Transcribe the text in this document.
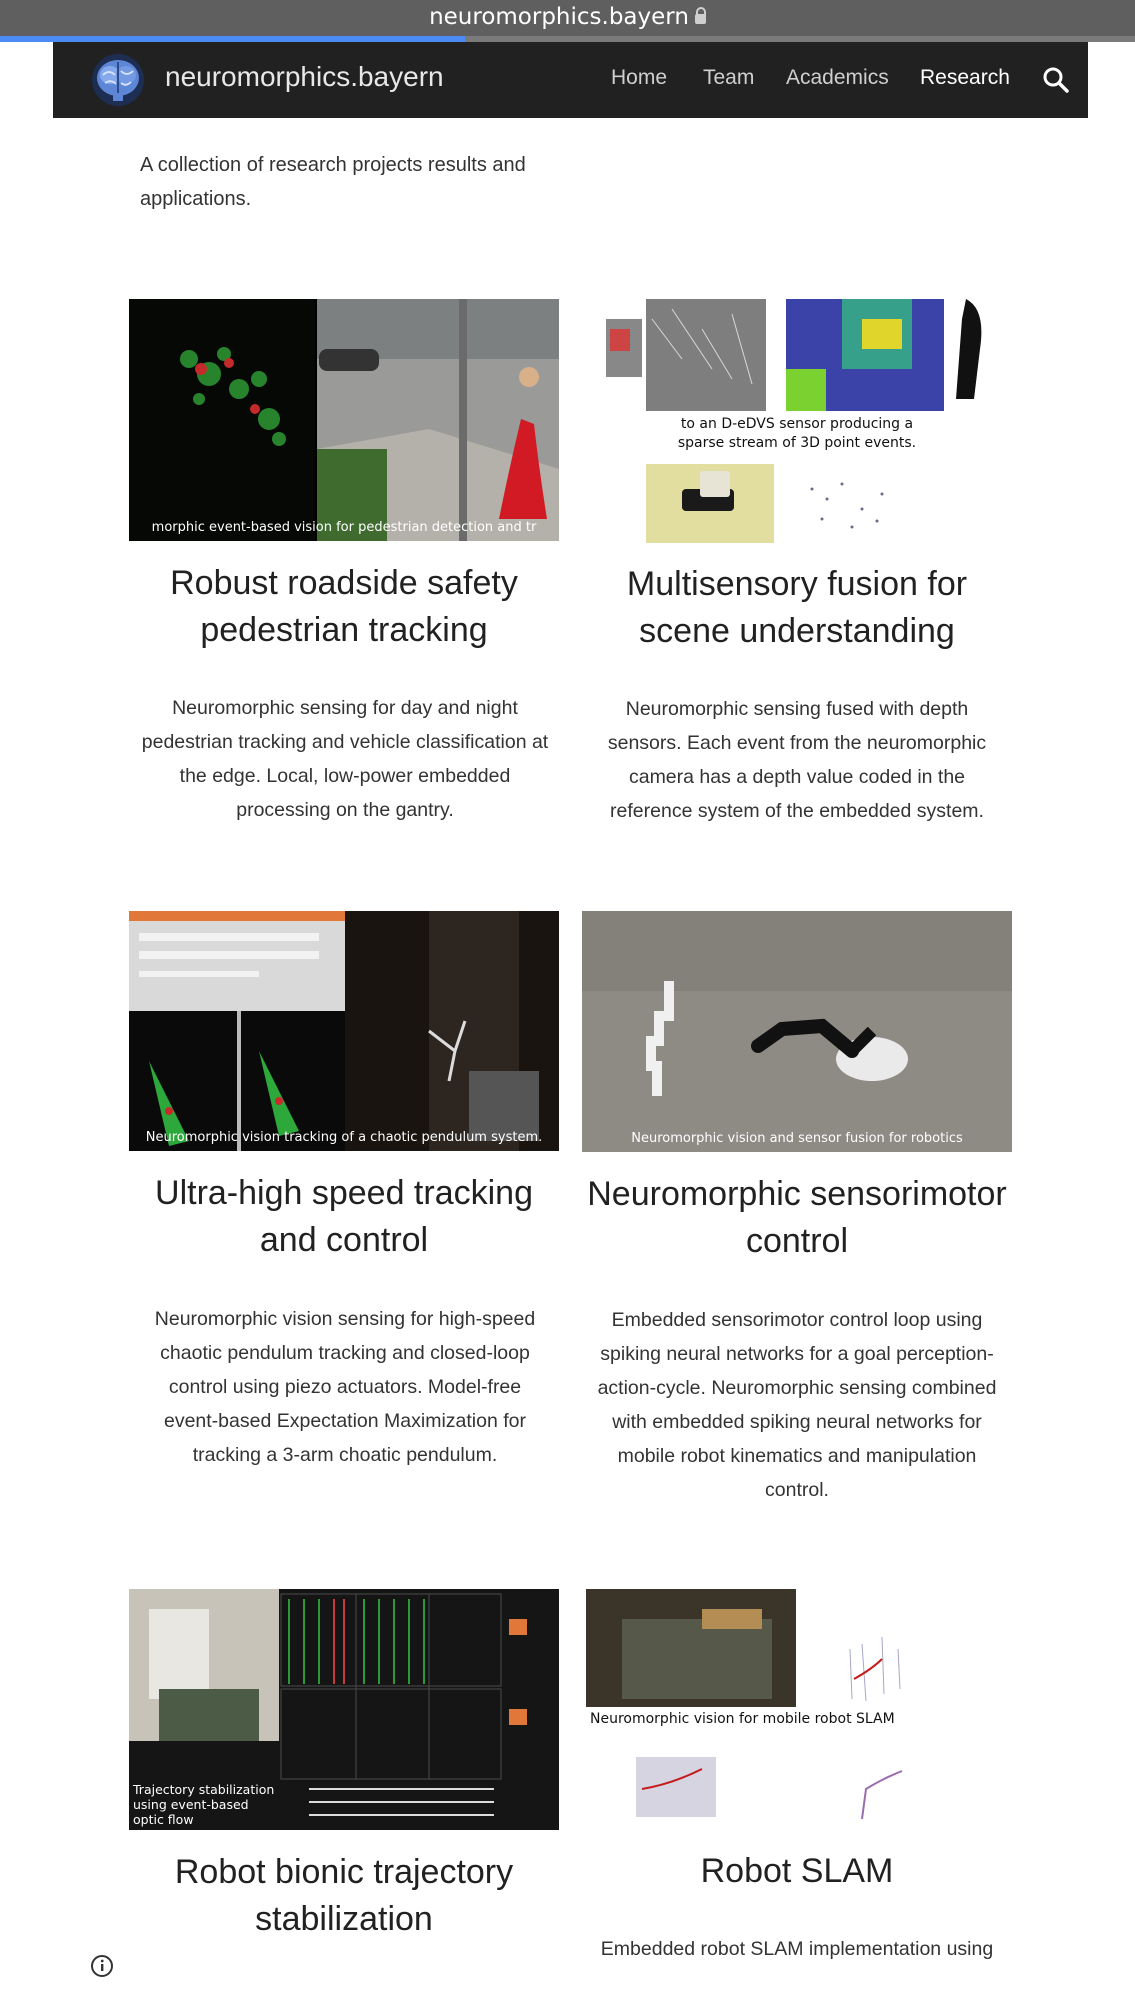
neuromorphics.bayern
neuromorphics.bayern	Home Team Academics Research
A collection of research projects results and applications.
morphic event-based vision for pedestrian detection and tr
Robust roadside safety pedestrian tracking
Neuromorphic sensing for day and night pedestrian tracking and vehicle classification at the edge. Local, low-power embedded processing on the gantry.
to an D-eDVS sensor producing a sparse stream of 3D point events.
Multisensory fusion for scene understanding
Neuromorphic sensing fused with depth sensors. Each event from the neuromorphic camera has a depth value coded in the reference system of the embedded system.
Neuromorphic vision tracking of a chaotic pendulum system.
Ultra-high speed tracking and control
Neuromorphic vision sensing for high-speed chaotic pendulum tracking and closed-loop control using piezo actuators. Model-free event-based Expectation Maximization for tracking a 3-arm choatic pendulum.
Neuromorphic vision and sensor fusion for robotics
Neuromorphic sensorimotor control
Embedded sensorimotor control loop using spiking neural networks for a goal perception-action-cycle. Neuromorphic sensing combined with embedded spiking neural networks for mobile robot kinematics and manipulation control.
Trajectory stabilization using event-based optic flow
Robot bionic trajectory stabilization
Neuromorphic vision for mobile robot SLAM
Robot SLAM
Embedded robot SLAM implementation using
